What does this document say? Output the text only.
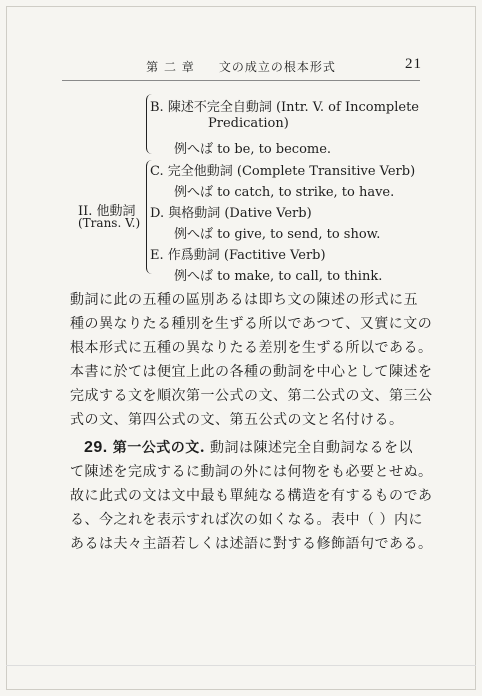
第 二 章 文の成立の根本形式	21
B. 陳述不完全自動詞 (Intr. V. of Incomplete
Predication)
例へば to be, to become.
II. 他動詞
(Trans. V.)
C. 完全他動詞 (Complete Transitive Verb)
例へば to catch, to strike, to have.
D. 與格動詞 (Dative Verb)
例へば to give, to send, to show.
E. 作爲動詞 (Factitive Verb)
例へば to make, to call, to think.
動詞に此の五種の區別あるは即ち文の陳述の形式に五
種の異なりたる種別を生ずる所以であつて、又實に文の
根本形式に五種の異なりたる差別を生ずる所以である。
本書に於ては便宜上此の各種の動詞を中心として陳述を
完成する文を順次第一公式の文、第二公式の文、第三公
式の文、第四公式の文、第五公式の文と名付ける。
29. 第一公式の文. 動詞は陳述完全自動詞なるを以
て陳述を完成するに動詞の外には何物をも必要とせぬ。
故に此式の文は文中最も單純なる構造を有するものであ
る、今之れを表示すれば次の如くなる。表中（ ）内に
あるは夫々主語若しくは述語に對する修飾語句である。
